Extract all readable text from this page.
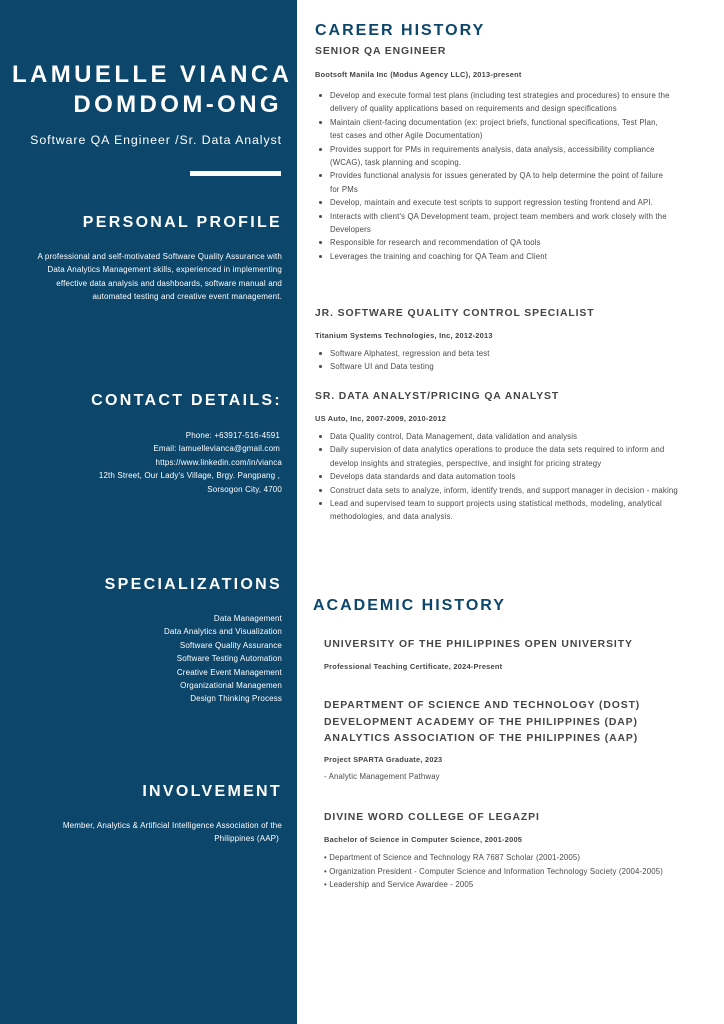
LAMUELLE VIANCA
DOMDOM-ONG
Software QA Engineer /Sr. Data Analyst
PERSONAL PROFILE
A professional and self-motivated Software Quality Assurance with Data Analytics Management skills, experienced in implementing effective data analysis and dashboards, software manual and automated testing and creative event management.
CONTACT DETAILS:
Phone: +63917-516-4591
Email: lamuellevianca@gmail.com
https://www.linkedin.com/in/vianca
12th Street, Our Lady's Village, Brgy. Pangpang ,
Sorsogon City, 4700
SPECIALIZATIONS
Data Management
Data Analytics and Visualization
Software Quality Assurance
Software Testing Automation
Creative Event Management
Organizational Managemen
Design Thinking Process
INVOLVEMENT
Member, Analytics & Artificial Intelligence Association of the
Philippines (AAP)
CAREER HISTORY
SENIOR QA ENGINEER
Bootsoft Manila Inc (Modus Agency LLC), 2013-present
Develop and execute formal test plans (including test strategies and procedures) to ensure the delivery of quality applications based on requirements and design specifications
Maintain client-facing documentation (ex: project briefs, functional specifications, Test Plan, test cases and other Agile Documentation)
Provides support for PMs in requirements analysis, data analysis, accessibility compliance (WCAG), task planning and scoping.
Provides functional analysis for issues generated by QA to help determine the point of failure for PMs
Develop, maintain and execute test scripts to support regression testing frontend and API.
Interacts with client's QA Development team, project team members and work closely with the Developers
Responsible for research and recommendation of QA tools
Leverages the training and coaching for QA Team and Client
JR. SOFTWARE QUALITY CONTROL SPECIALIST
Titanium Systems Technologies, Inc, 2012-2013
Software Alphatest, regression and beta test
Software UI and Data testing
SR. DATA ANALYST/PRICING QA ANALYST
US Auto, Inc, 2007-2009, 2010-2012
Data Quality control, Data Management, data validation and analysis
Daily supervision of data analytics operations to produce the data sets required to inform and develop insights and strategies, perspective, and insight for pricing strategy
Develops data standards and data automation tools
Construct data sets to analyze, inform, identify trends, and support manager in decision - making
Lead and supervised team to support projects using statistical methods, modeling, analytical methodologies, and data analysis.
ACADEMIC HISTORY
UNIVERSITY OF THE PHILIPPINES OPEN UNIVERSITY
Professional Teaching Certificate, 2024-Present
DEPARTMENT OF SCIENCE AND TECHNOLOGY (DOST)
DEVELOPMENT ACADEMY OF THE PHILIPPINES (DAP)
ANALYTICS ASSOCIATION OF THE PHILIPPINES (AAP)
Project SPARTA Graduate, 2023
- Analytic Management Pathway
DIVINE WORD COLLEGE OF LEGAZPI
Bachelor of Science in Computer Science, 2001-2005
• Department of Science and Technology RA 7687 Scholar (2001-2005)
• Organization President - Computer Science and Information Technology Society (2004-2005)
• Leadership and Service Awardee - 2005
